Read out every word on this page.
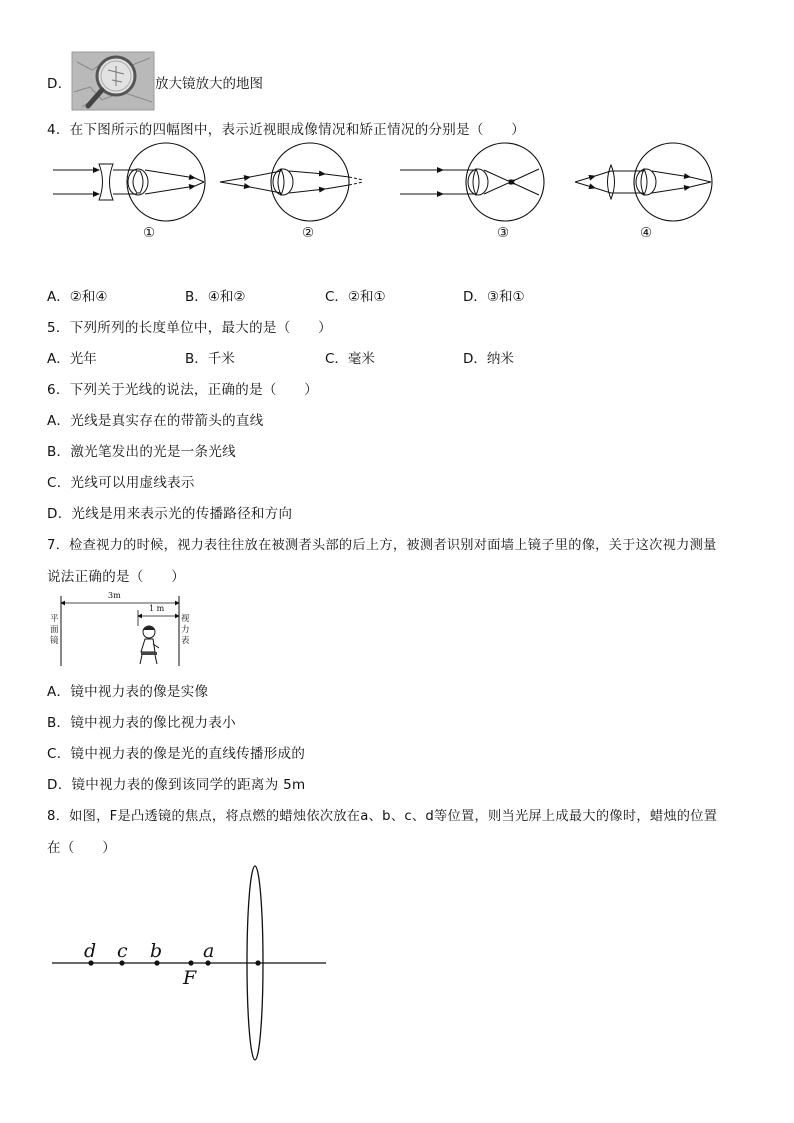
D．	放大镜放大的地图
4．在下图所示的四幅图中，表示近视眼成像情况和矫正情况的分别是（　　）
①	②	③	④
A．②和④	B．④和②	C．②和①	D．③和①
5．下列所列的长度单位中，最大的是（　　）
A．光年	B．千米	C．毫米	D．纳米
6．下列关于光线的说法，正确的是（　　）
A．光线是真实存在的带箭头的直线
B．激光笔发出的光是一条光线
C．光线可以用虚线表示
D．光线是用来表示光的传播路径和方向
7．检查视力的时候，视力表往往放在被测者头部的后上方，被测者识别对面墙上镜子里的像，关于这次视力测量
说法正确的是（　　）
3m
1 m
平
面
镜
视
力
表
A．镜中视力表的像是实像
B．镜中视力表的像比视力表小
C．镜中视力表的像是光的直线传播形成的
D．镜中视力表的像到该同学的距离为 5m
8．如图，F是凸透镜的焦点，将点燃的蜡烛依次放在a、b、c、d等位置，则当光屏上成最大的像时，蜡烛的位置
在（　　）
d c b a
F
